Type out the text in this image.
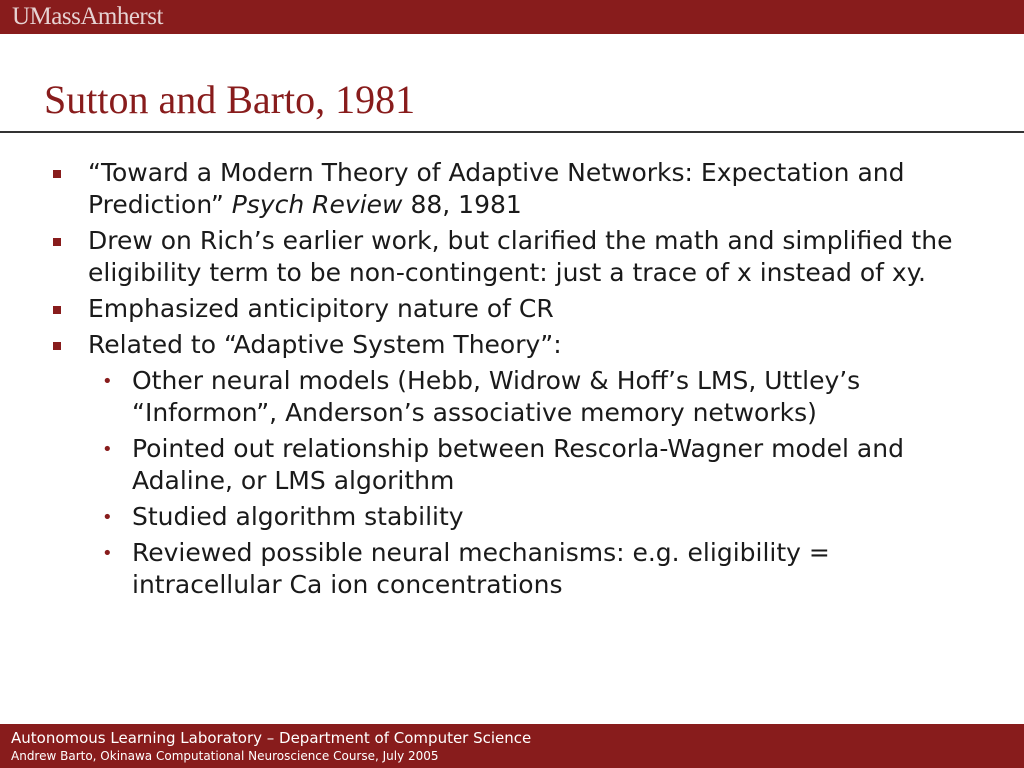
UMassAmherst
Sutton and Barto, 1981
“Toward a Modern Theory of Adaptive Networks: Expectation and Prediction” Psych Review 88, 1981
Drew on Rich’s earlier work, but clarified the math and simplified the eligibility term to be non-contingent: just a trace of x instead of xy.
Emphasized anticipitory nature of CR
Related to “Adaptive System Theory”:
• Other neural models (Hebb, Widrow & Hoff’s LMS, Uttley’s “Informon”, Anderson’s associative memory networks)
• Pointed out relationship between Rescorla-Wagner model and Adaline, or LMS algorithm
• Studied algorithm stability
• Reviewed possible neural mechanisms: e.g. eligibility = intracellular Ca ion concentrations
Autonomous Learning Laboratory – Department of Computer Science
Andrew Barto, Okinawa Computational Neuroscience Course, July 2005
